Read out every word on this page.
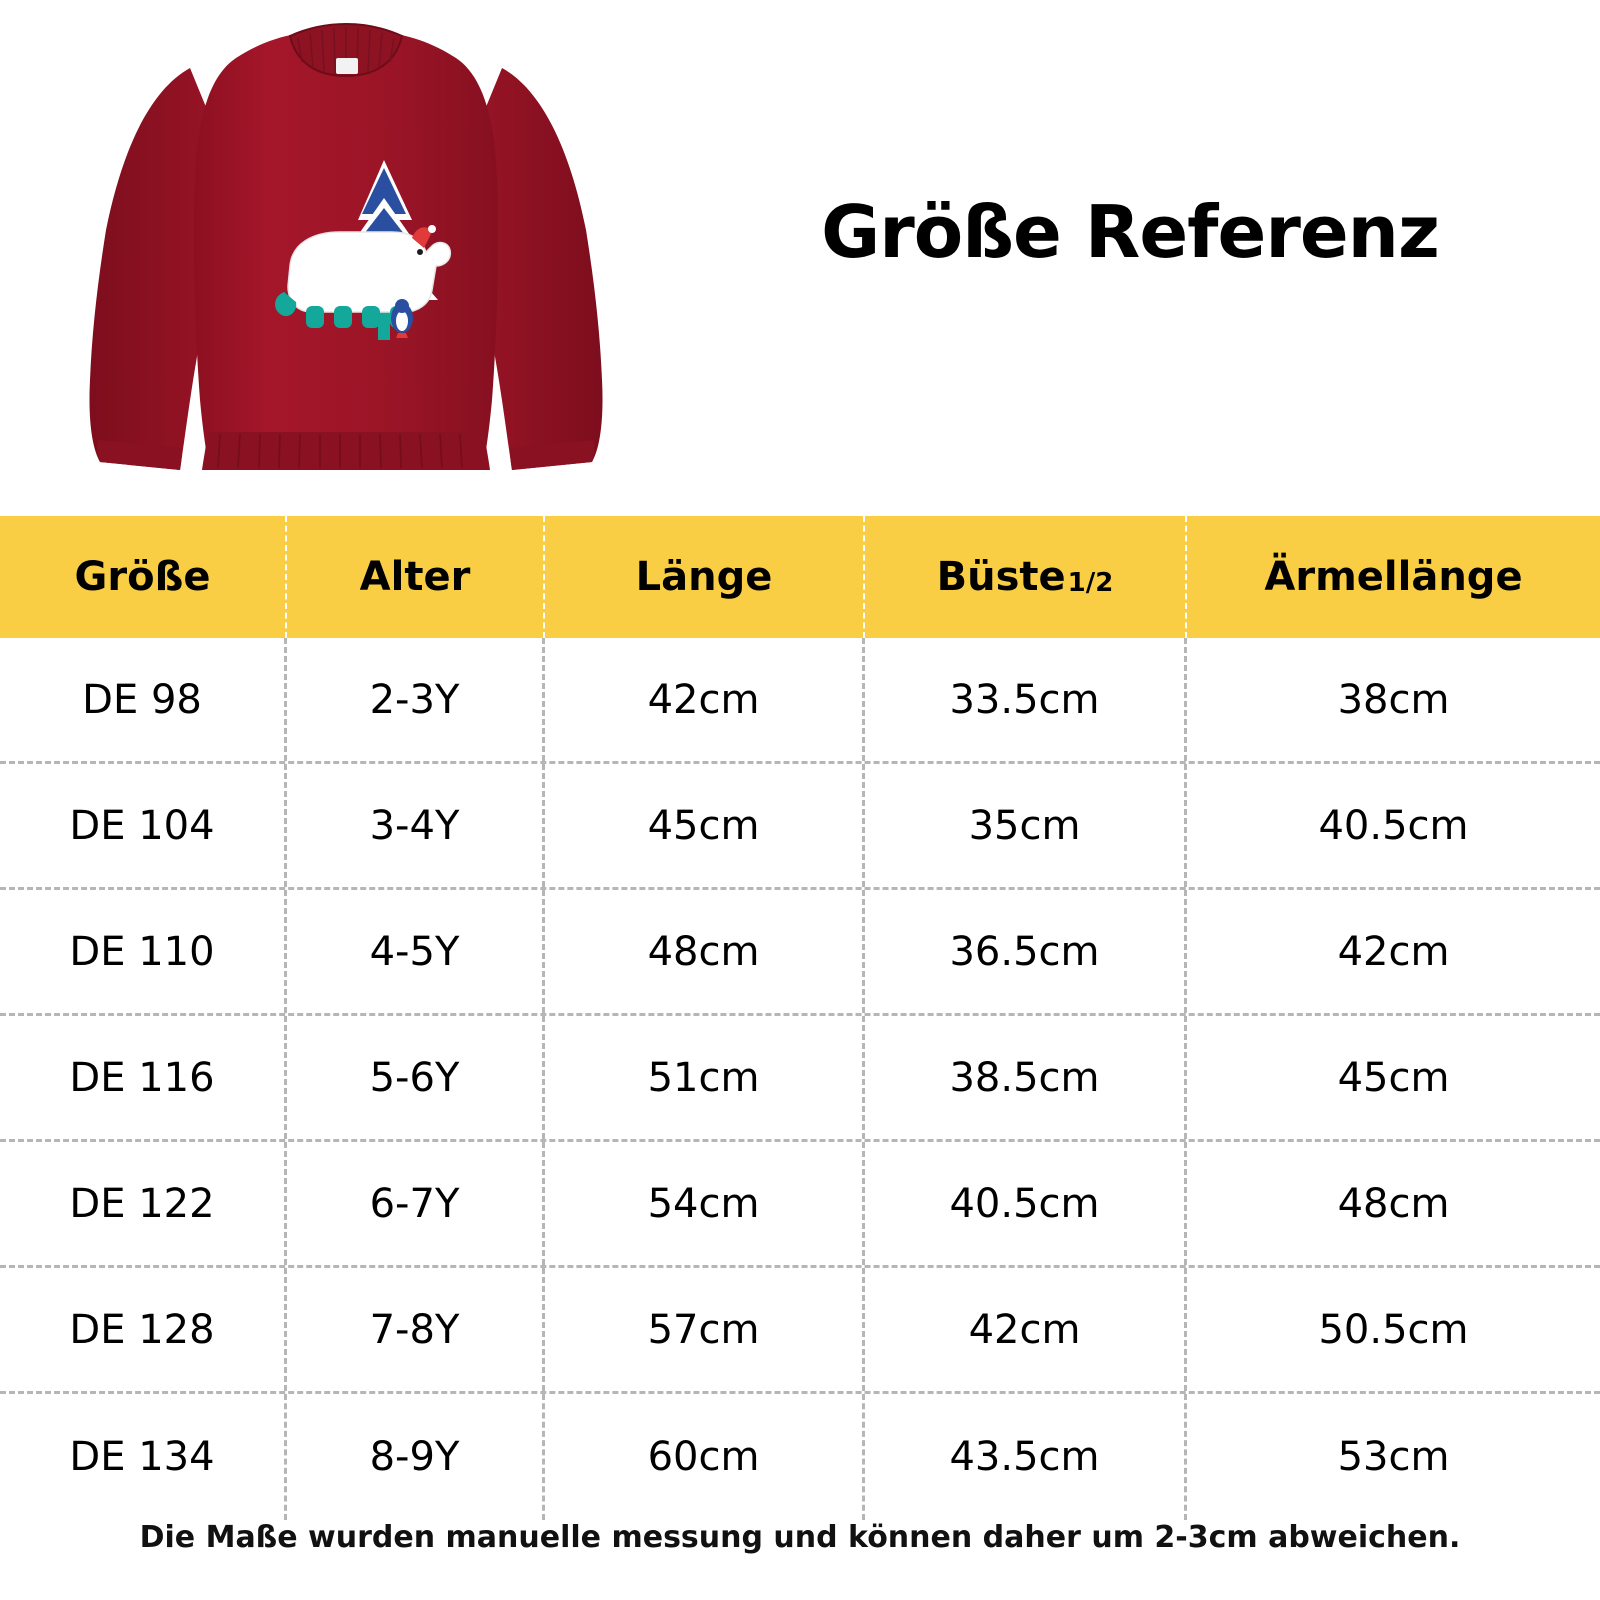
Größe Referenz
Größe	Alter	Länge	Büste 1/2	Ärmellänge
DE 98	2-3Y	42cm	33.5cm	38cm
DE 104	3-4Y	45cm	35cm	40.5cm
DE 110	4-5Y	48cm	36.5cm	42cm
DE 116	5-6Y	51cm	38.5cm	45cm
DE 122	6-7Y	54cm	40.5cm	48cm
DE 128	7-8Y	57cm	42cm	50.5cm
DE 134	8-9Y	60cm	43.5cm	53cm
Die Maße wurden manuelle messung und können daher um 2-3cm abweichen.
